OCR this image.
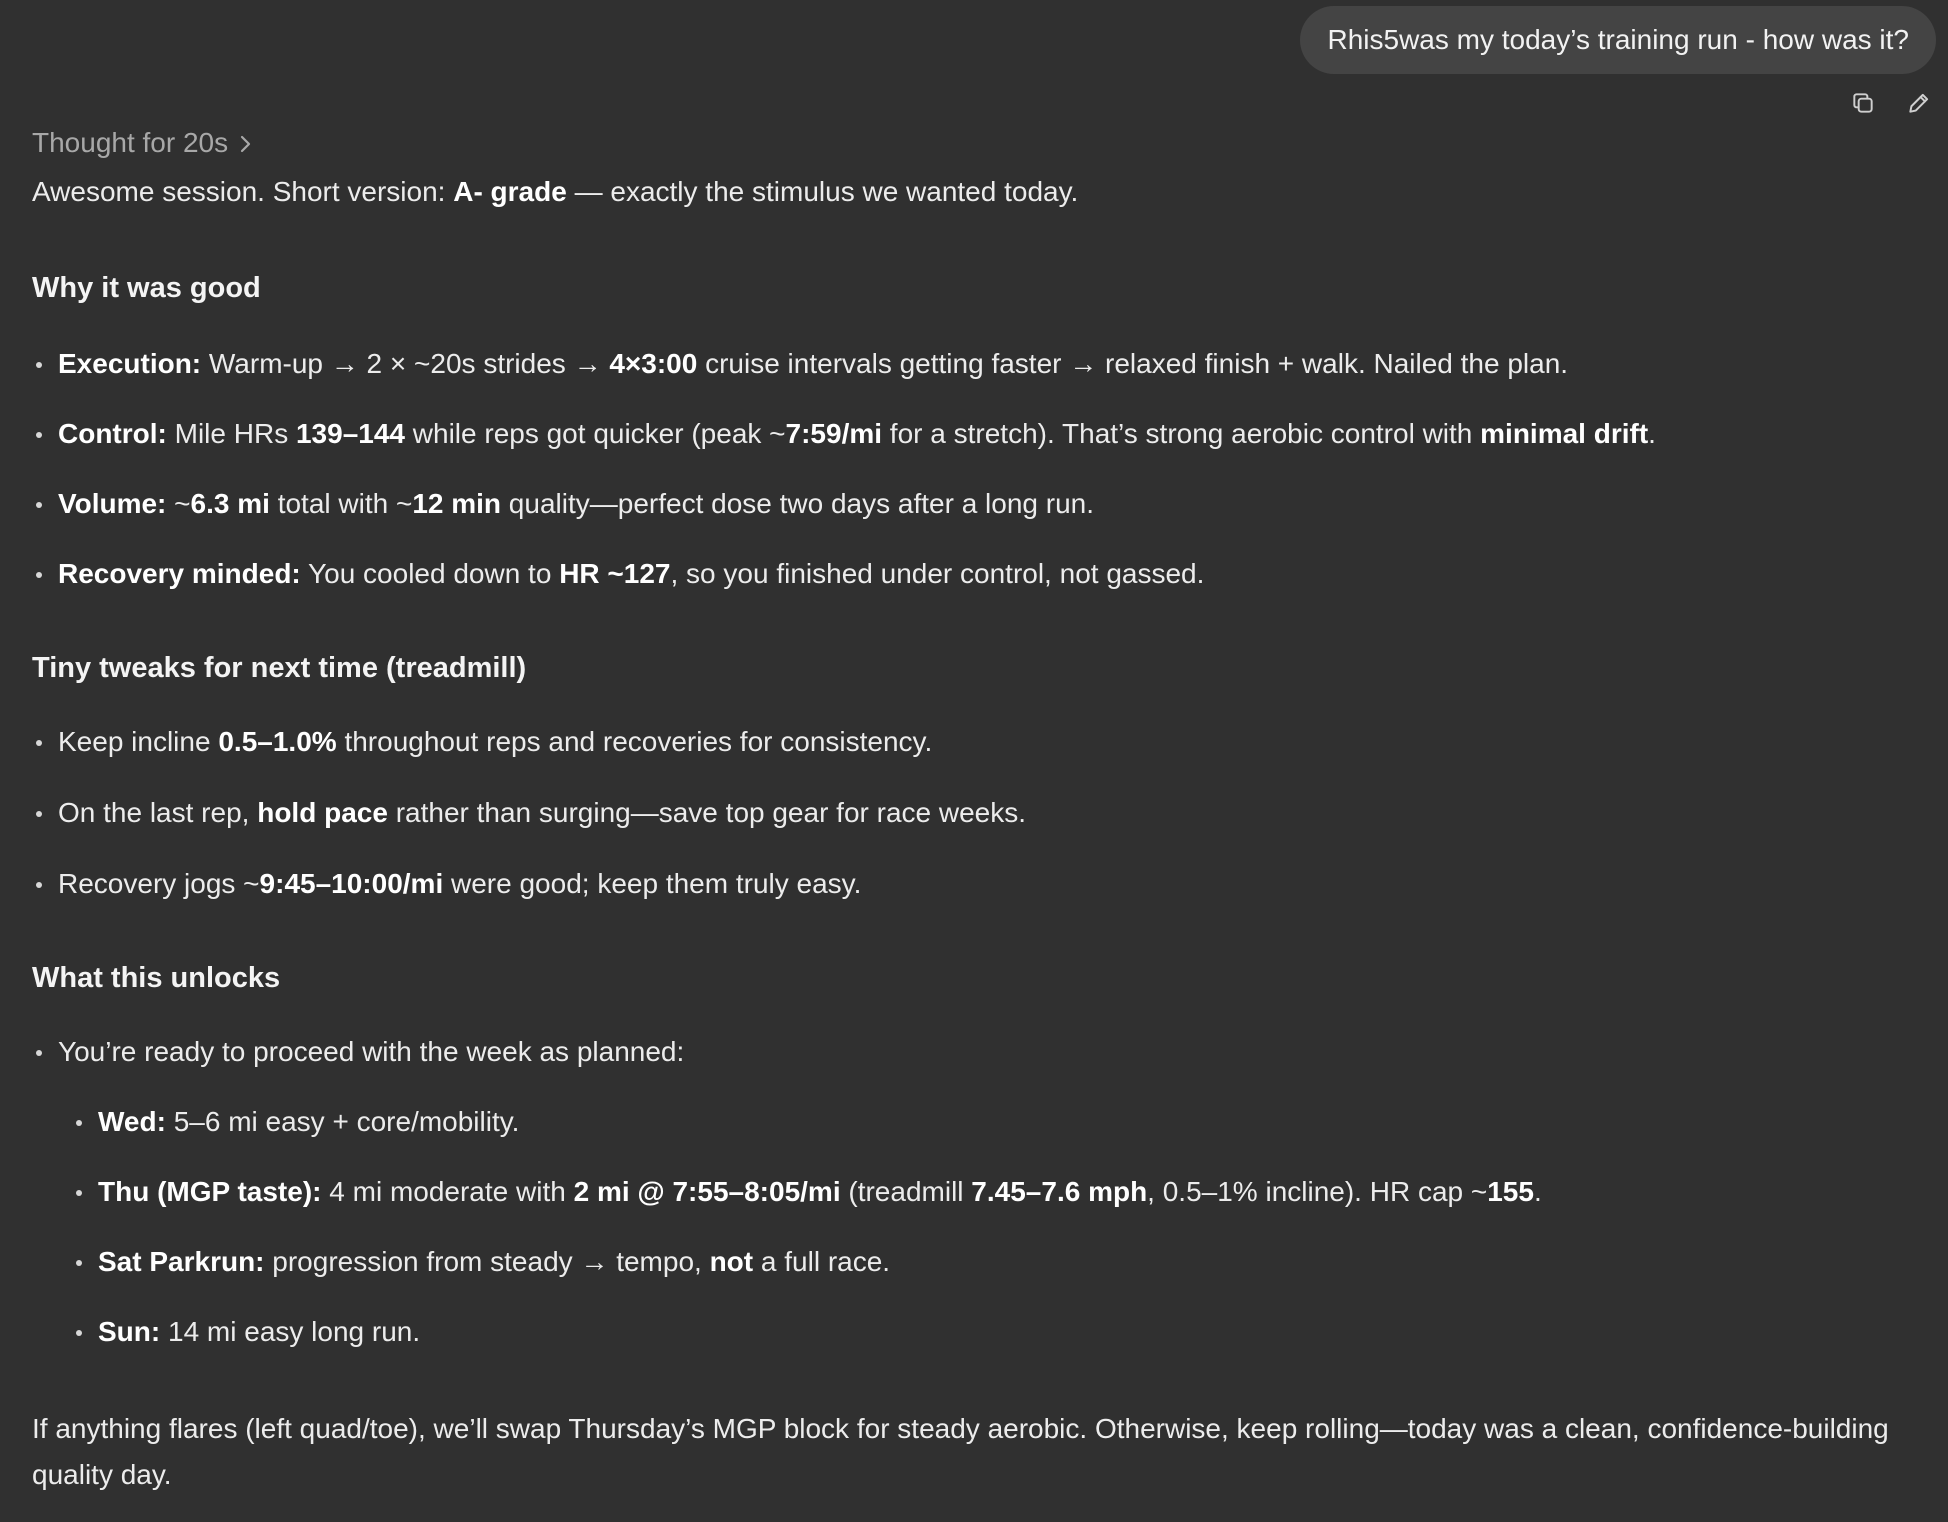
Rhis5was my today’s training run - how was it?
Thought for 20s

Awesome session. Short version: A- grade — exactly the stimulus we wanted today.

Why it was good
Execution: Warm-up → 2 × ~20s strides → 4×3:00 cruise intervals getting faster → relaxed finish + walk. Nailed the plan.
Control: Mile HRs 139–144 while reps got quicker (peak ~7:59/mi for a stretch). That’s strong aerobic control with minimal drift.
Volume: ~6.3 mi total with ~12 min quality—perfect dose two days after a long run.
Recovery minded: You cooled down to HR ~127, so you finished under control, not gassed.
Tiny tweaks for next time (treadmill)
Keep incline 0.5–1.0% throughout reps and recoveries for consistency.
On the last rep, hold pace rather than surging—save top gear for race weeks.
Recovery jogs ~9:45–10:00/mi were good; keep them truly easy.
What this unlocks
You’re ready to proceed with the week as planned:
Wed: 5–6 mi easy + core/mobility.
Thu (MGP taste): 4 mi moderate with 2 mi @ 7:55–8:05/mi (treadmill 7.45–7.6 mph, 0.5–1% incline). HR cap ~155.
Sat Parkrun: progression from steady → tempo, not a full race.
Sun: 14 mi easy long run.

If anything flares (left quad/toe), we’ll swap Thursday’s MGP block for steady aerobic. Otherwise, keep rolling—today was a clean, confidence-building quality day.
